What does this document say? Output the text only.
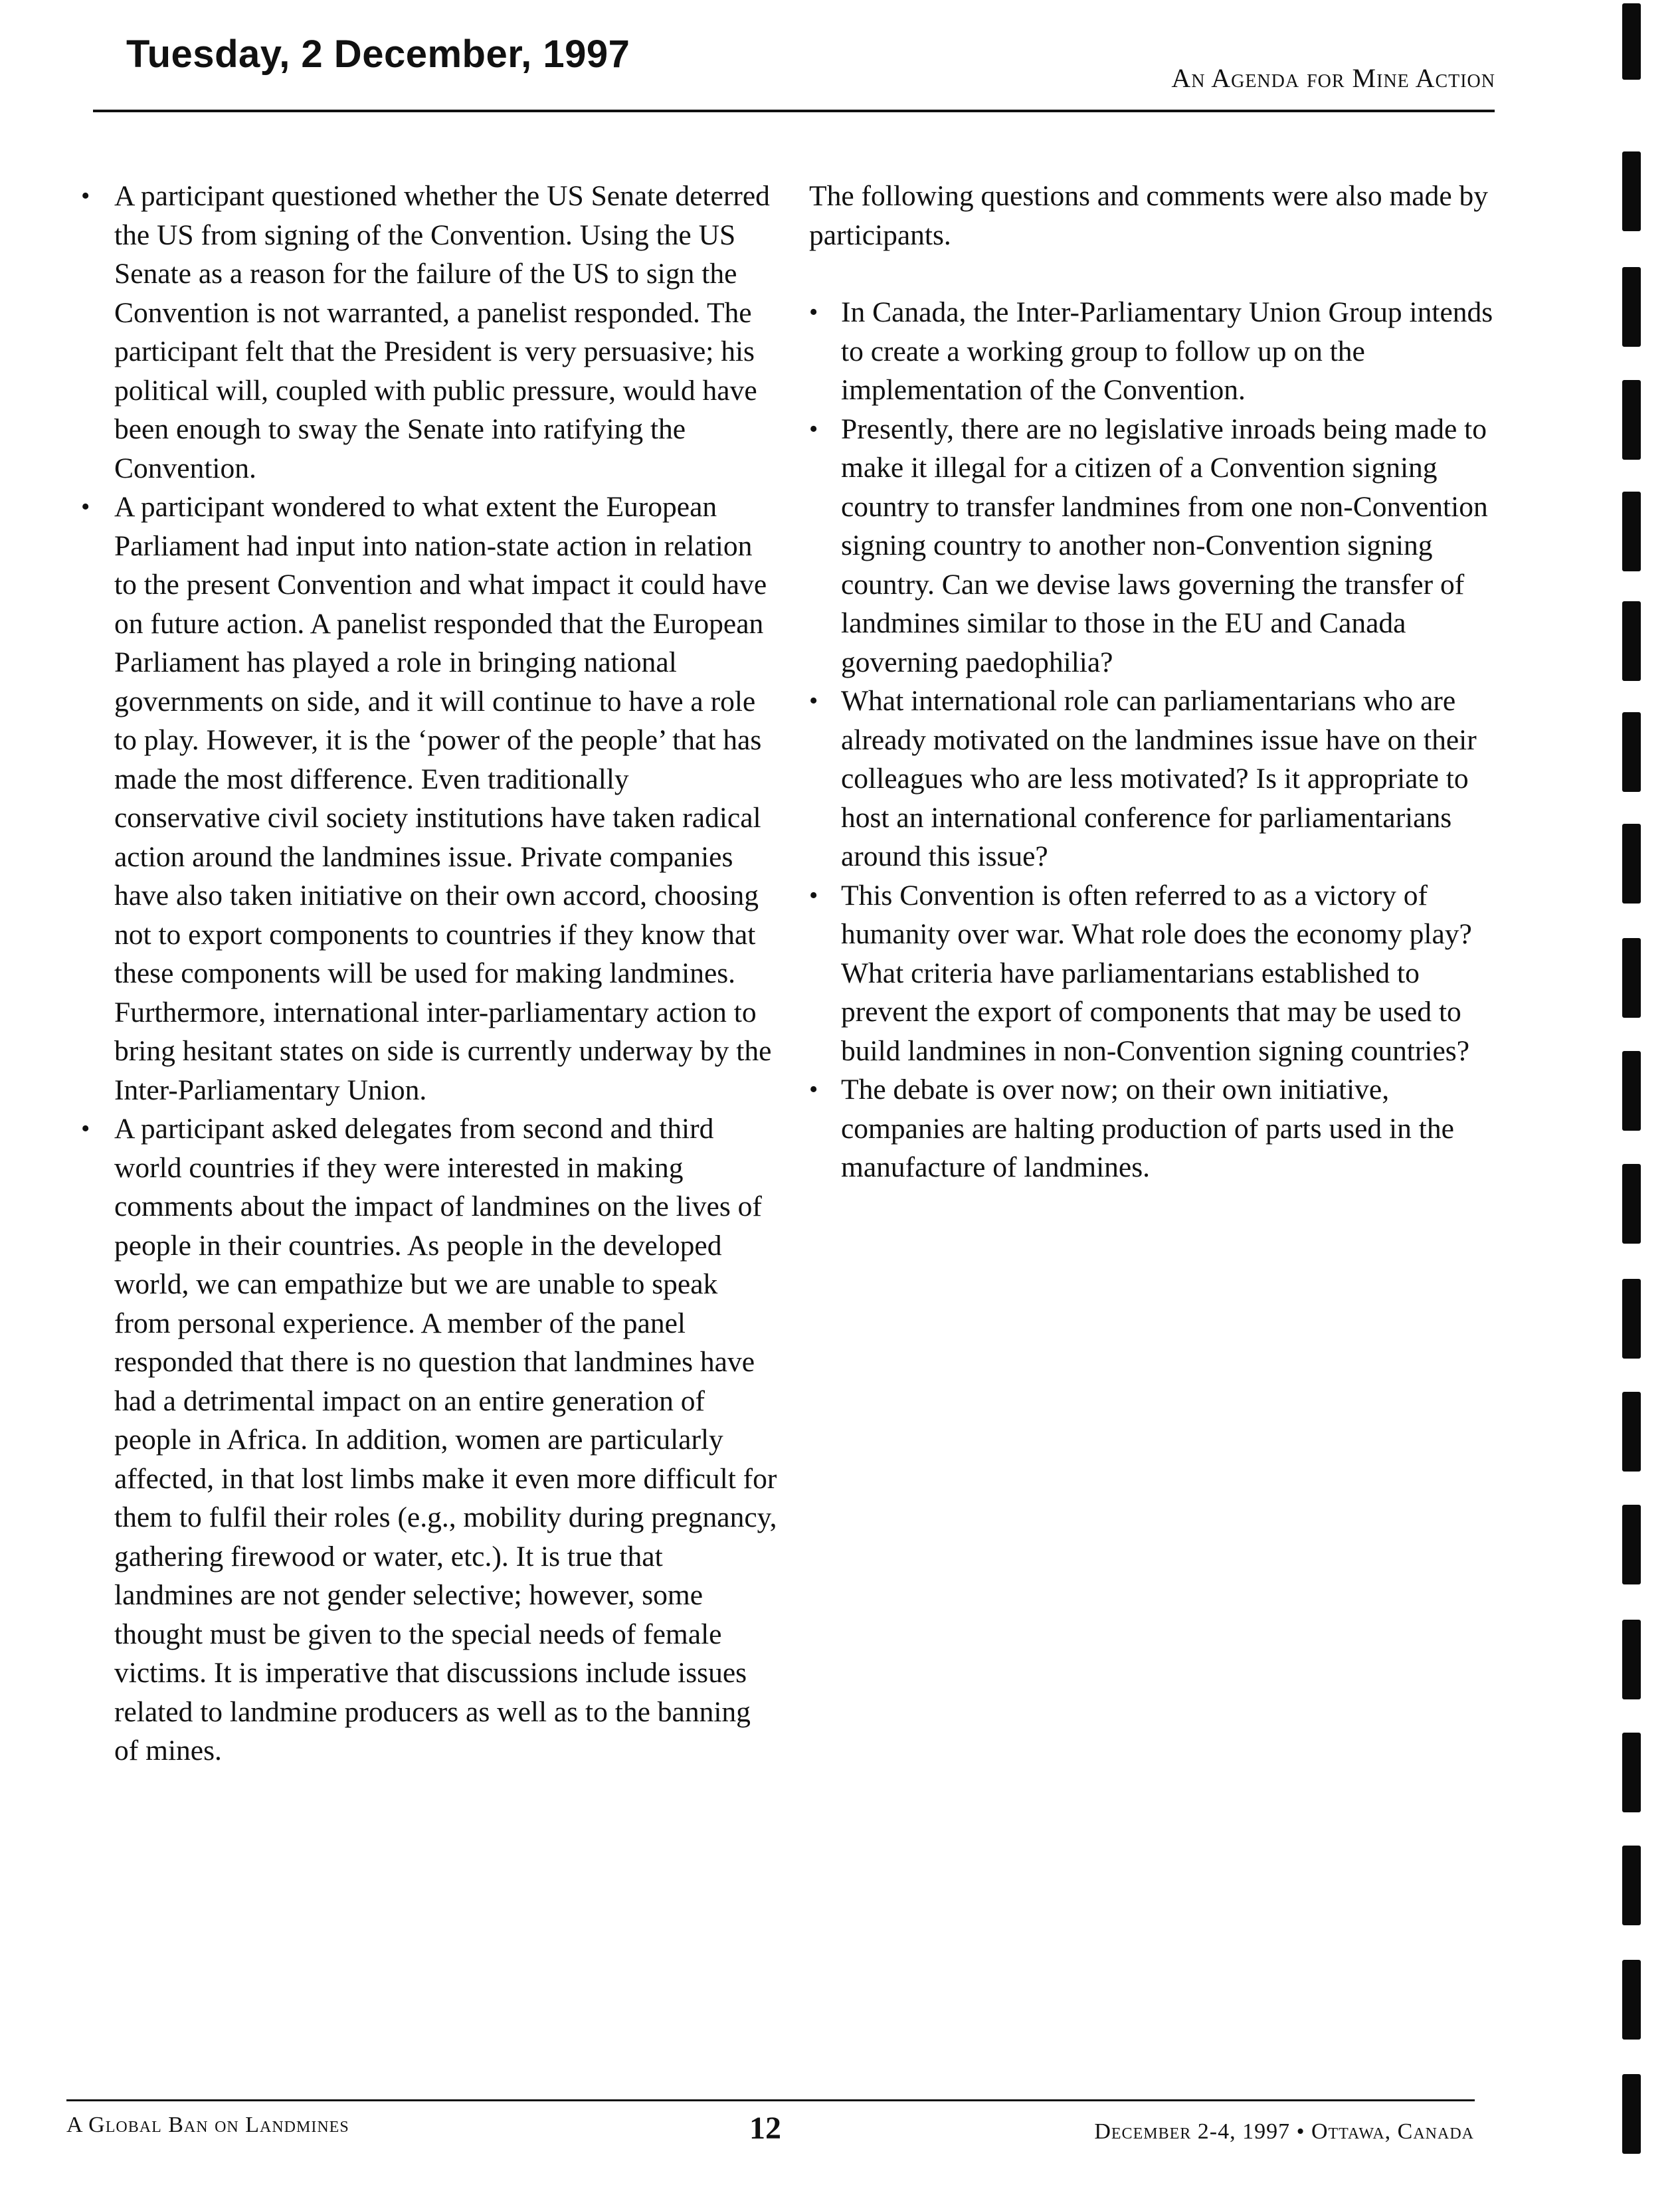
Tuesday, 2 December, 1997
An Agenda for Mine Action
• A participant questioned whether the US Senate deterred the US from signing of the Convention. Using the US Senate as a reason for the failure of the US to sign the Convention is not warranted, a panelist responded. The participant felt that the President is very persuasive; his political will, coupled with public pressure, would have been enough to sway the Senate into ratifying the Convention.
• A participant wondered to what extent the European Parliament had input into nation-state action in relation to the present Convention and what impact it could have on future action. A panelist responded that the European Parliament has played a role in bringing national governments on side, and it will continue to have a role to play. However, it is the ‘power of the people’ that has made the most difference. Even traditionally conservative civil society institutions have taken radical action around the landmines issue. Private companies have also taken initiative on their own accord, choosing not to export components to countries if they know that these components will be used for making landmines. Furthermore, international inter-parliamentary action to bring hesitant states on side is currently underway by the Inter-Parliamentary Union.
• A participant asked delegates from second and third world countries if they were interested in making comments about the impact of landmines on the lives of people in their countries. As people in the developed world, we can empathize but we are unable to speak from personal experience. A member of the panel responded that there is no question that landmines have had a detrimental impact on an entire generation of people in Africa. In addition, women are particularly affected, in that lost limbs make it even more difficult for them to fulfil their roles (e.g., mobility during pregnancy, gathering firewood or water, etc.). It is true that landmines are not gender selective; however, some thought must be given to the special needs of female victims. It is imperative that discussions include issues related to landmine producers as well as to the banning of mines.

The following questions and comments were also made by participants.

• In Canada, the Inter-Parliamentary Union Group intends to create a working group to follow up on the implementation of the Convention.
• Presently, there are no legislative inroads being made to make it illegal for a citizen of a Convention signing country to transfer landmines from one non-Convention signing country to another non-Convention signing country. Can we devise laws governing the transfer of landmines similar to those in the EU and Canada governing paedophilia?
• What international role can parliamentarians who are already motivated on the landmines issue have on their colleagues who are less motivated? Is it appropriate to host an international conference for parliamentarians around this issue?
• This Convention is often referred to as a victory of humanity over war. What role does the economy play? What criteria have parliamentarians established to prevent the export of components that may be used to build landmines in non-Convention signing countries?
• The debate is over now; on their own initiative, companies are halting production of parts used in the manufacture of landmines.
A Global Ban on Landmines	12	December 2-4, 1997 • Ottawa, Canada
